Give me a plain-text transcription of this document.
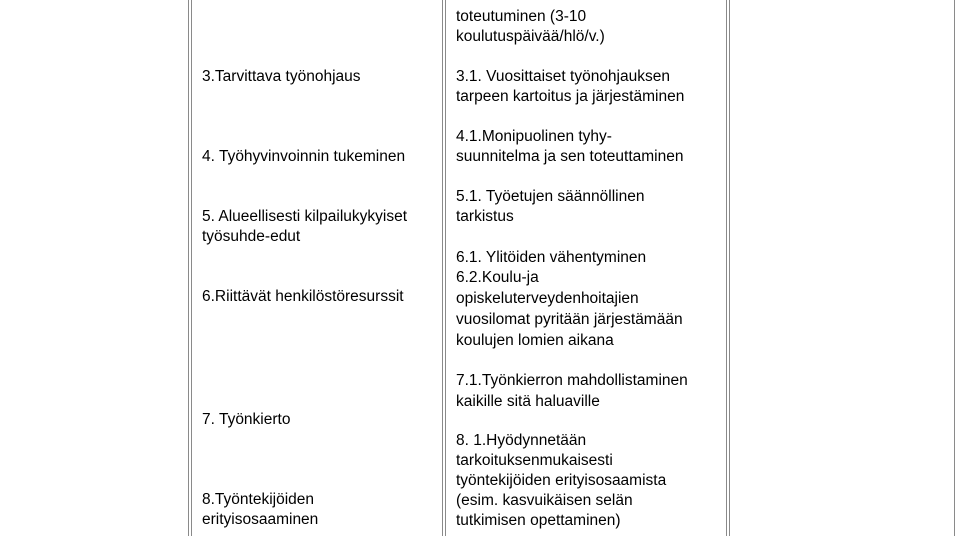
3.Tarvittava työnohjaus
4. Työhyvinvoinnin tukeminen
5. Alueellisesti kilpailukykyiset
työsuhde-edut
6.Riittävät henkilöstöresurssit
7. Työnkierto
8.Työntekijöiden
erityisosaaminen
toteutuminen (3-10
koulutuspäivää/hlö/v.)
3.1. Vuosittaiset työnohjauksen
tarpeen kartoitus ja järjestäminen
4.1.Monipuolinen tyhy-
suunnitelma ja sen toteuttaminen
5.1. Työetujen säännöllinen
tarkistus
6.1. Ylitöiden vähentyminen
6.2.Koulu-ja
opiskeluterveydenhoitajien
vuosilomat pyritään järjestämään
koulujen lomien aikana
7.1.Työnkierron mahdollistaminen
kaikille sitä haluaville
8. 1.Hyödynnetään
tarkoituksenmukaisesti
työntekijöiden erityisosaamista
(esim. kasvuikäisen selän
tutkimisen opettaminen)
